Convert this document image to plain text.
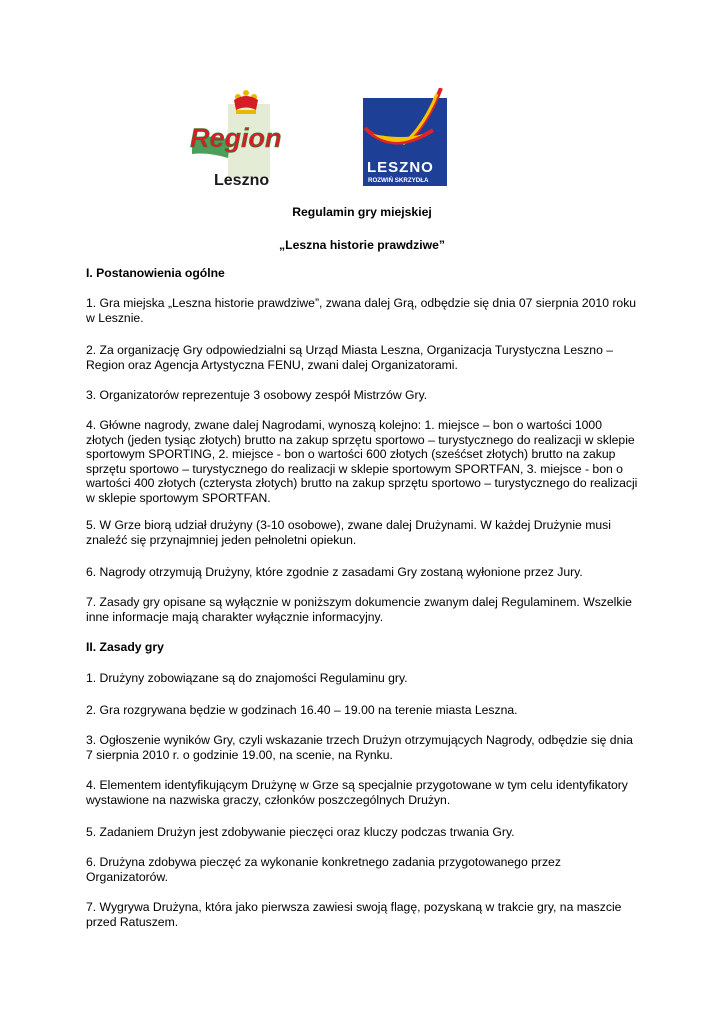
Region
Leszno
LESZNO
ROZWIŃ SKRZYDŁA
Regulamin gry miejskiej
„Leszna historie prawdziwe”
I. Postanowienia ogólne
1. Gra miejska „Leszna historie prawdziwe”, zwana dalej Grą, odbędzie się dnia 07 sierpnia 2010 roku
w Lesznie.
2. Za organizację Gry odpowiedzialni są Urząd Miasta Leszna, Organizacja Turystyczna Leszno –
Region oraz Agencja Artystyczna FENU, zwani dalej Organizatorami.
3. Organizatorów reprezentuje 3 osobowy zespół Mistrzów Gry.
4. Główne nagrody, zwane dalej Nagrodami, wynoszą kolejno: 1. miejsce – bon o wartości 1000
złotych (jeden tysiąc złotych) brutto na zakup sprzętu sportowo – turystycznego do realizacji w sklepie
sportowym SPORTING, 2. miejsce - bon o wartości 600 złotych (sześćset złotych) brutto na zakup
sprzętu sportowo – turystycznego do realizacji w sklepie sportowym SPORTFAN, 3. miejsce - bon o
wartości 400 złotych (czterysta złotych) brutto na zakup sprzętu sportowo – turystycznego do realizacji
w sklepie sportowym SPORTFAN.
5. W Grze biorą udział drużyny (3-10 osobowe), zwane dalej Drużynami. W każdej Drużynie musi
znaleźć się przynajmniej jeden pełnoletni opiekun.
6. Nagrody otrzymują Drużyny, które zgodnie z zasadami Gry zostaną wyłonione przez Jury.
7. Zasady gry opisane są wyłącznie w poniższym dokumencie zwanym dalej Regulaminem. Wszelkie
inne informacje mają charakter wyłącznie informacyjny.
II. Zasady gry
1. Drużyny zobowiązane są do znajomości Regulaminu gry.
2. Gra rozgrywana będzie w godzinach 16.40 – 19.00 na terenie miasta Leszna.
3. Ogłoszenie wyników Gry, czyli wskazanie trzech Drużyn otrzymujących Nagrody, odbędzie się dnia
7 sierpnia 2010 r. o godzinie 19.00, na scenie, na Rynku.
4. Elementem identyfikującym Drużynę w Grze są specjalnie przygotowane w tym celu identyfikatory
wystawione na nazwiska graczy, członków poszczególnych Drużyn.
5. Zadaniem Drużyn jest zdobywanie pieczęci oraz kluczy podczas trwania Gry.
6. Drużyna zdobywa pieczęć za wykonanie konkretnego zadania przygotowanego przez
Organizatorów.
7. Wygrywa Drużyna, która jako pierwsza zawiesi swoją flagę, pozyskaną w trakcie gry, na maszcie
przed Ratuszem.
